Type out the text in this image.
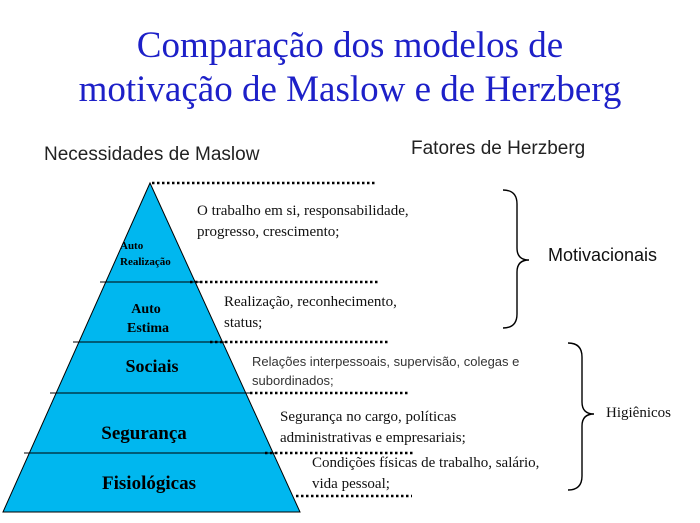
Comparação dos modelos de
motivação de Maslow e de Herzberg
Necessidades de Maslow	Fatores de Herzberg
Auto
Realização
Auto
Estima
Sociais
Segurança
Fisiológicas
O trabalho em si, responsabilidade,
progresso, crescimento;
Realização, reconhecimento,
status;
Relações interpessoais, supervisão, colegas e
subordinados;
Segurança no cargo, políticas
administrativas e empresariais;
Condições físicas de trabalho, salário,
vida pessoal;
Motivacionais
Higiênicos
